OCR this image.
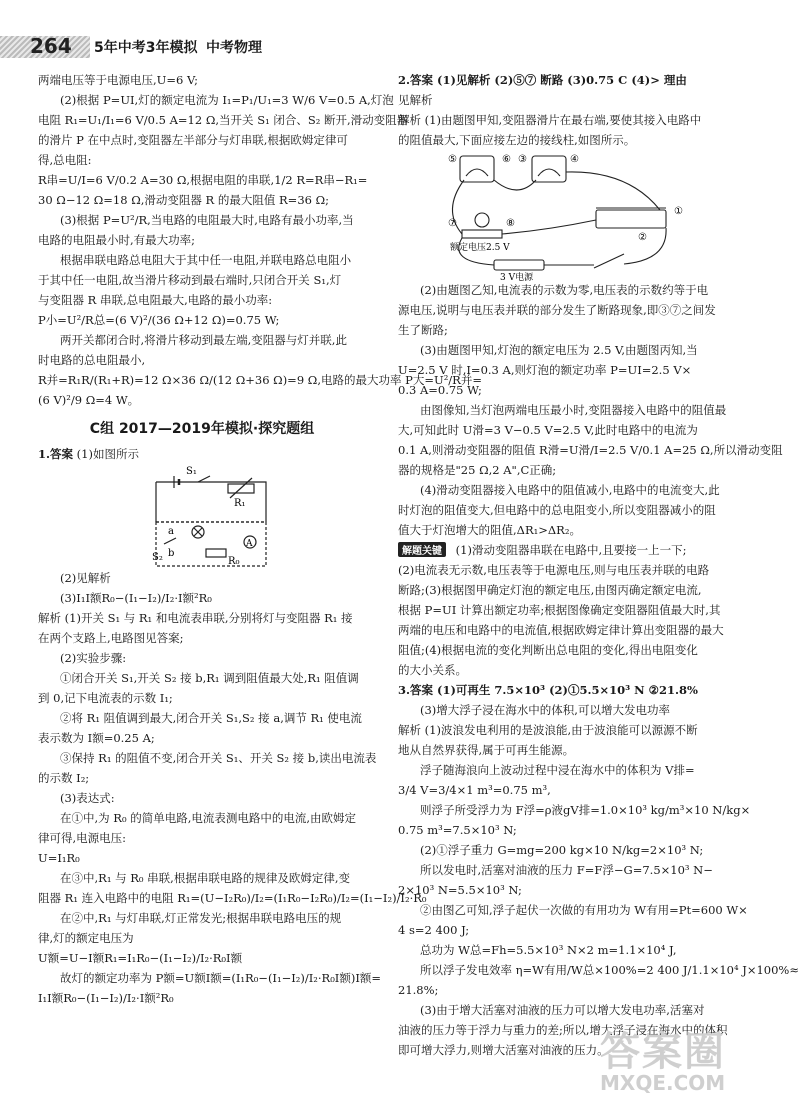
264 5年中考3年模拟 中考物理

两端电压等于电源电压,U=6 V;

(2)根据 P=UI,灯的额定电流为 I₁=P₁/U₁=3 W/6 V=0.5 A,灯泡

电阻 R₁=U₁/I₁=6 V/0.5 A=12 Ω,当开关 S₁ 闭合、S₂ 断开,滑动变阻器

的滑片 P 在中点时,变阻器左半部分与灯串联,根据欧姆定律可

得,总电阻:

R串=U/I=6 V/0.2 A=30 Ω,根据电阻的串联,1/2 R=R串−R₁=

30 Ω−12 Ω=18 Ω,滑动变阻器 R 的最大阻值 R=36 Ω;

(3)根据 P=U²/R,当电路的电阻最大时,电路有最小功率,当

电路的电阻最小时,有最大功率;

根据串联电路总电阻大于其中任一电阻,并联电路总电阻小

于其中任一电阻,故当滑片移动到最右端时,只闭合开关 S₁,灯

与变阻器 R 串联,总电阻最大,电路的最小功率:

P小=U²/R总=(6 V)²/(36 Ω+12 Ω)=0.75 W;

两开关都闭合时,将滑片移动到最左端,变阻器与灯并联,此

时电路的总电阻最小,

R并=R₁R/(R₁+R)=12 Ω×36 Ω/(12 Ω+36 Ω)=9 Ω,电路的最大功率 P大=U²/R并=

(6 V)²/9 Ω=4 W。

C组 2017—2019年模拟·探究题组

1.答案 (1)如图所示

S₁
R₁
a
b
S₂	R₀
A

(2)见解析

(3)I₁I额R₀−(I₁−I₂)/I₂·I额²R₀

解析 (1)开关 S₁ 与 R₁ 和电流表串联,分别将灯与变阻器 R₁ 接

在两个支路上,电路图见答案;

(2)实验步骤:

①闭合开关 S₁,开关 S₂ 接 b,R₁ 调到阻值最大处,R₁ 阻值调

到 0,记下电流表的示数 I₁;

②将 R₁ 阻值调到最大,闭合开关 S₁,S₂ 接 a,调节 R₁ 使电流

表示数为 I额=0.25 A;

③保持 R₁ 的阻值不变,闭合开关 S₁、开关 S₂ 接 b,读出电流表

的示数 I₂;

(3)表达式:

在①中,为 R₀ 的简单电路,电流表测电路中的电流,由欧姆定

律可得,电源电压:

U=I₁R₀

在③中,R₁ 与 R₀ 串联,根据串联电路的规律及欧姆定律,变

阻器 R₁ 连入电路中的电阻 R₁=(U−I₂R₀)/I₂=(I₁R₀−I₂R₀)/I₂=(I₁−I₂)/I₂·R₀

在②中,R₁ 与灯串联,灯正常发光;根据串联电路电压的规

律,灯的额定电压为

U额=U−I额R₁=I₁R₀−(I₁−I₂)/I₂·R₀I额

故灯的额定功率为 P额=U额I额=(I₁R₀−(I₁−I₂)/I₂·R₀I额)I额=

I₁I额R₀−(I₁−I₂)/I₂·I额²R₀

2.答案 (1)见解析 (2)⑤⑦ 断路 (3)0.75 C (4)> 理由

见解析

解析 (1)由题图甲知,变阻器滑片在最右端,要使其接入电路中

的阻值最大,下面应接左边的接线柱,如图所示。

⑤	⑥ ③	④
⑦	⑧
①
②
额定电压2.5 V
3 V电源

(2)由题图乙知,电流表的示数为零,电压表的示数约等于电

源电压,说明与电压表并联的部分发生了断路现象,即③⑦之间发

生了断路;

(3)由题图甲知,灯泡的额定电压为 2.5 V,由题图丙知,当

U=2.5 V 时,I=0.3 A,则灯泡的额定功率 P=UI=2.5 V×

0.3 A=0.75 W;

由图像知,当灯泡两端电压最小时,变阻器接入电路中的阻值最

大,可知此时 U滑=3 V−0.5 V=2.5 V,此时电路中的电流为

0.1 A,则滑动变阻器的阻值 R滑=U滑/I=2.5 V/0.1 A=25 Ω,所以滑动变阻

器的规格是"25 Ω,2 A",C正确;

(4)滑动变阻器接入电路中的阻值减小,电路中的电流变大,此

时灯泡的阻值变大,但电路中的总电阻变小,所以变阻器减小的阻

值大于灯泡增大的阻值,ΔR₁>ΔR₂。

解题关键 (1)滑动变阻器串联在电路中,且要接一上一下;

(2)电流表无示数,电压表等于电源电压,则与电压表并联的电路

断路;(3)根据图甲确定灯泡的额定电压,由图丙确定额定电流,

根据 P=UI 计算出额定功率;根据图像确定变阻器阻值最大时,其

两端的电压和电路中的电流值,根据欧姆定律计算出变阻器的最大

阻值;(4)根据电流的变化判断出总电阻的变化,得出电阻变化

的大小关系。

3.答案 (1)可再生 7.5×10³ (2)①5.5×10³ N ②21.8%

(3)增大浮子浸在海水中的体积,可以增大发电功率

解析 (1)波浪发电利用的是波浪能,由于波浪能可以源源不断

地从自然界获得,属于可再生能源。

浮子随海浪向上波动过程中浸在海水中的体积为 V排=

3/4 V=3/4×1 m³=0.75 m³,

则浮子所受浮力为 F浮=ρ液gV排=1.0×10³ kg/m³×10 N/kg×

0.75 m³=7.5×10³ N;

(2)①浮子重力 G=mg=200 kg×10 N/kg=2×10³ N;

所以发电时,活塞对油液的压力 F=F浮−G=7.5×10³ N−

2×10³ N=5.5×10³ N;

②由图乙可知,浮子起伏一次做的有用功为 W有用=Pt=600 W×

4 s=2 400 J;

总功为 W总=Fh=5.5×10³ N×2 m=1.1×10⁴ J,

所以浮子发电效率 η=W有用/W总×100%=2 400 J/1.1×10⁴ J×100%≈

21.8%;

(3)由于增大活塞对油液的压力可以增大发电功率,活塞对

油液的压力等于浮力与重力的差;所以,增大浮子浸在海水中的体积

即可增大浮力,则增大活塞对油液的压力。

答案圈
MXQE.COM
